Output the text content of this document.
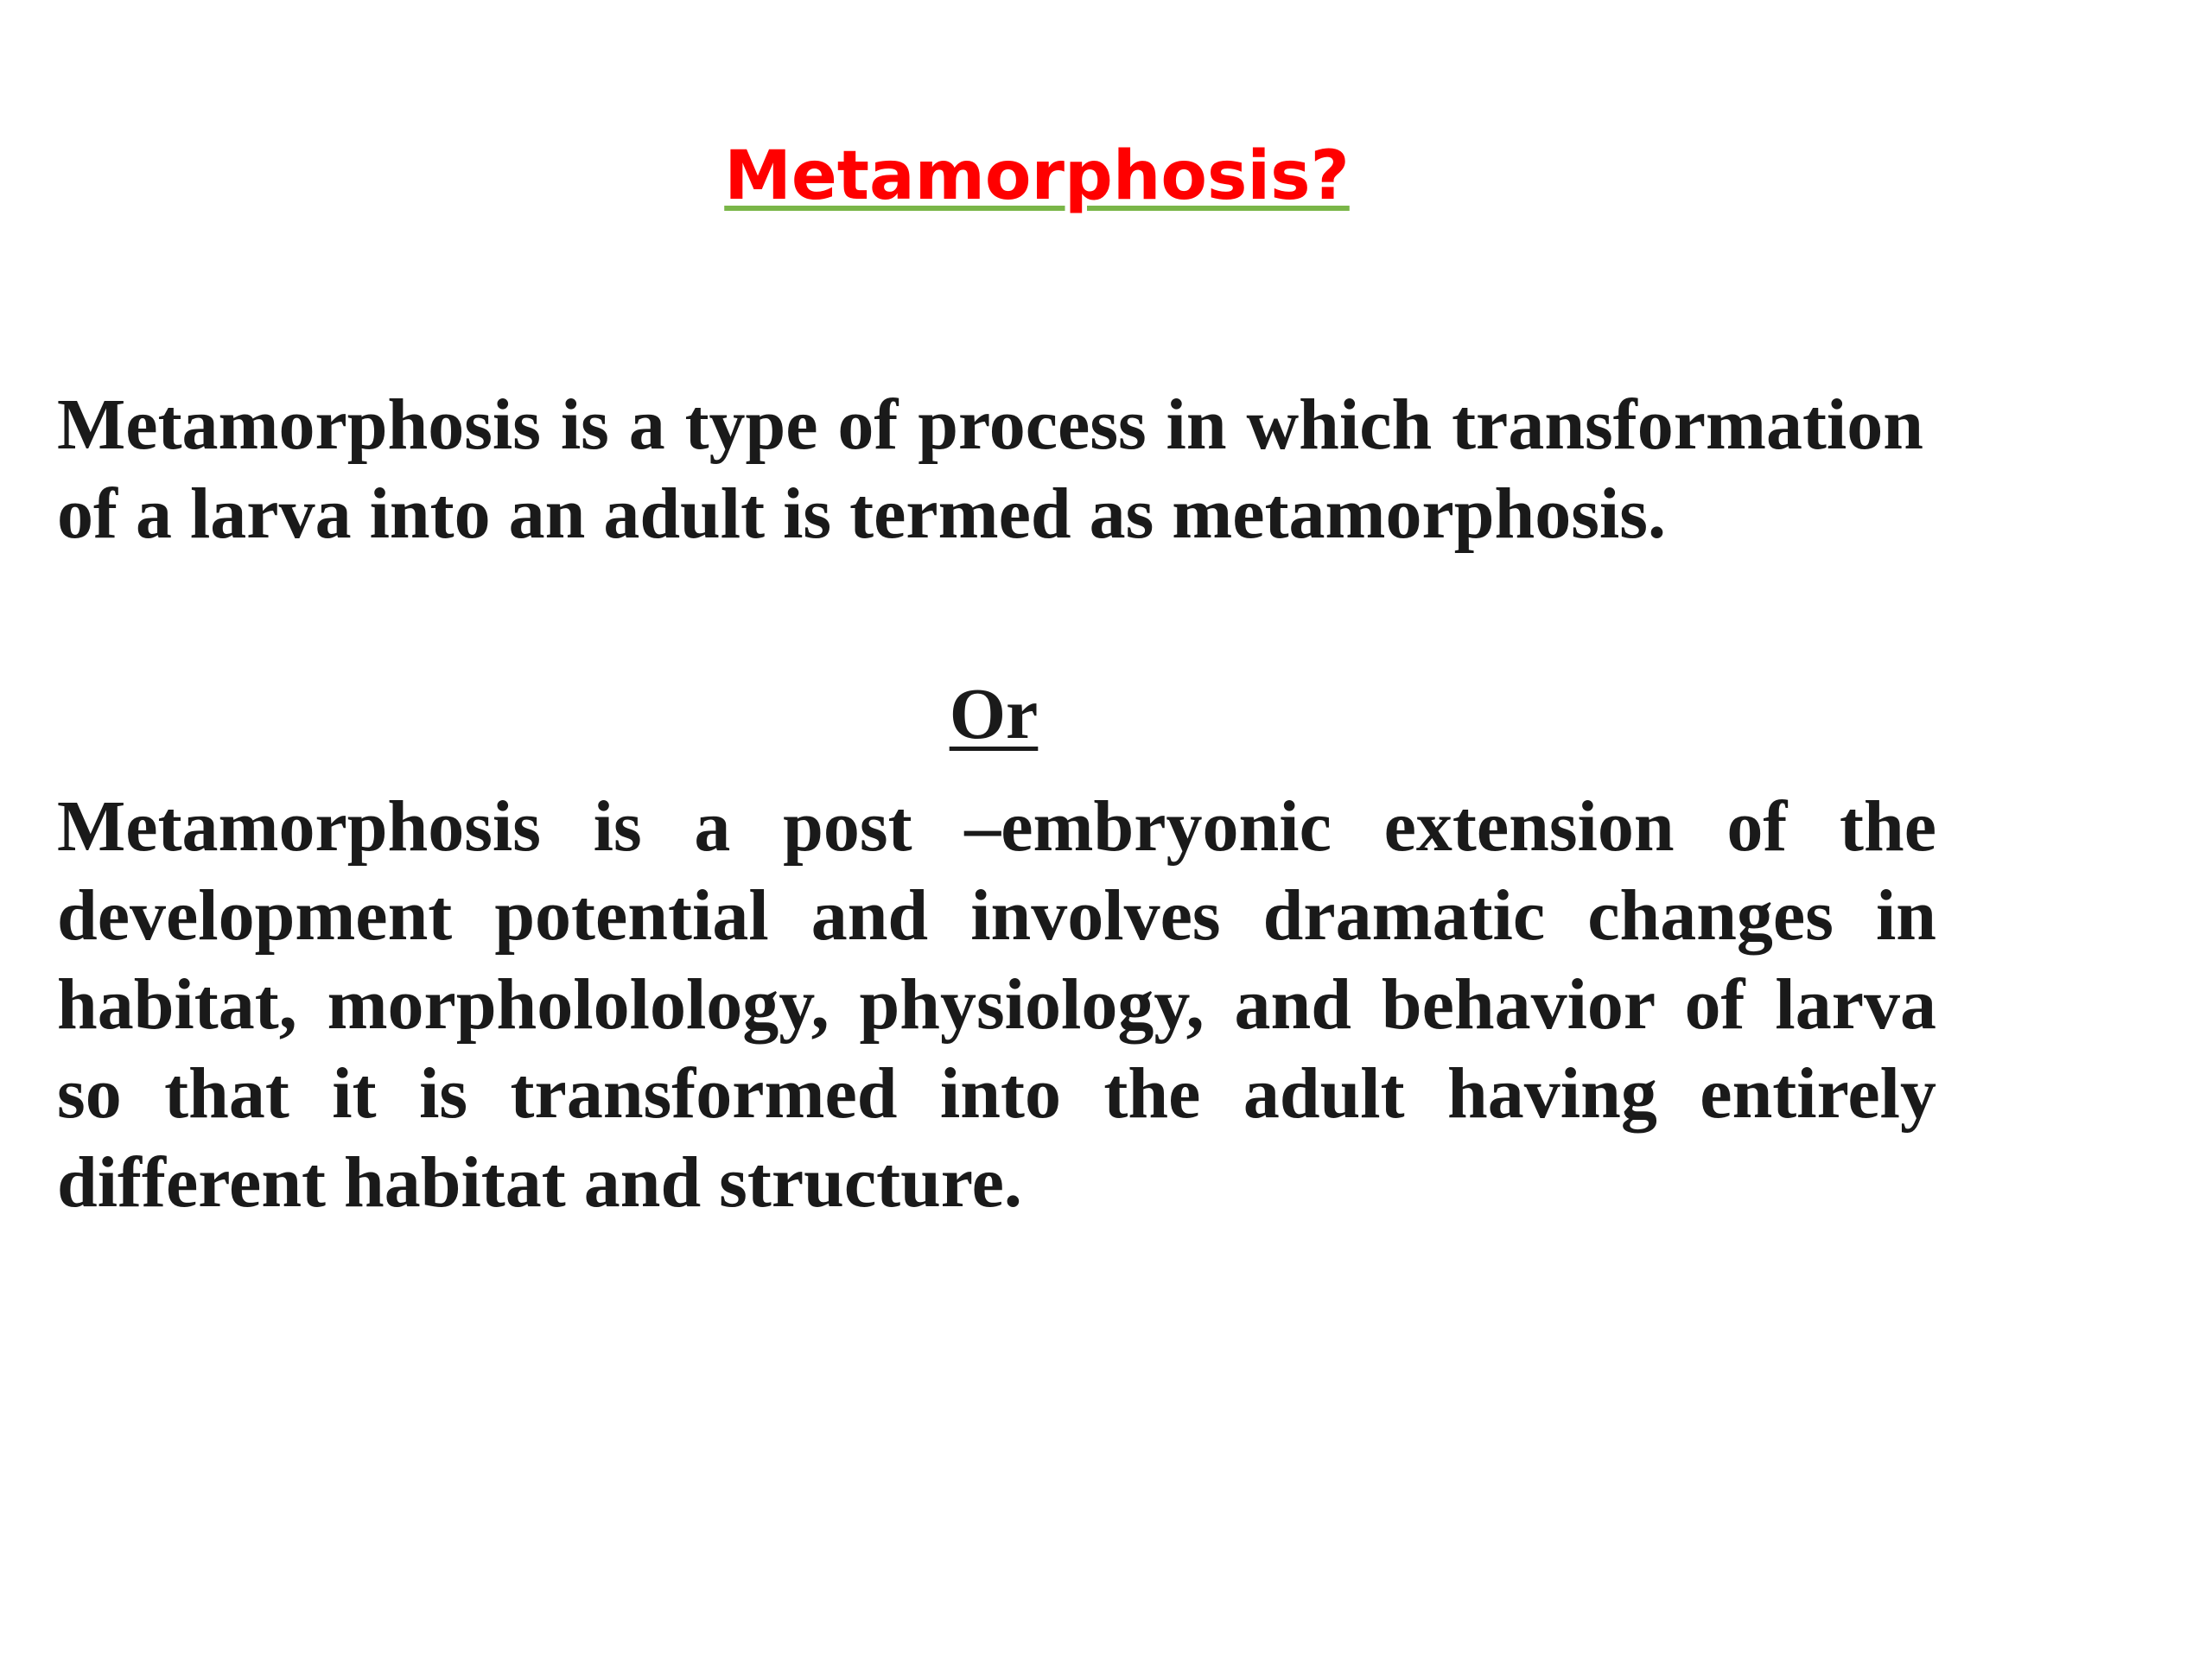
Metamorphosis?

Metamorphosis is a type of process in which transformation of a larva into an adult is termed as metamorphosis.

Or

Metamorphosis is a post –embryonic extension of the development potential and involves dramatic changes in habitat, morphololology, physiology, and behavior of larva so that it is transformed into the adult having entirely different habitat and structure.
